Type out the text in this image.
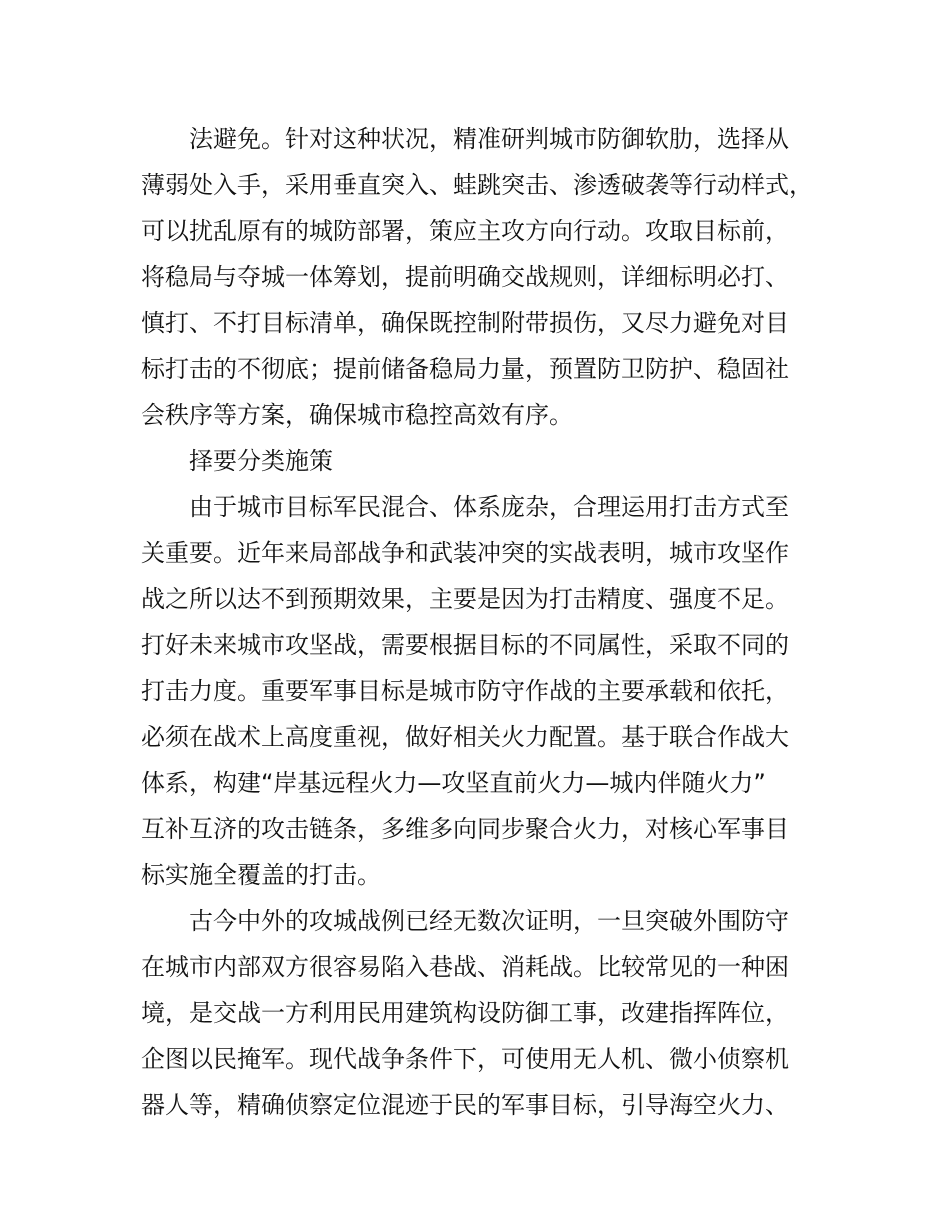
　　法避免。针对这种状况，精准研判城市防御软肋，选择从
薄弱处入手，采用垂直突入、蛙跳突击、渗透破袭等行动样式，
可以扰乱原有的城防部署，策应主攻方向行动。攻取目标前，
将稳局与夺城一体筹划，提前明确交战规则，详细标明必打、
慎打、不打目标清单，确保既控制附带损伤，又尽力避免对目
标打击的不彻底；提前储备稳局力量，预置防卫防护、稳固社
会秩序等方案，确保城市稳控高效有序。
　　择要分类施策
　　由于城市目标军民混合、体系庞杂，合理运用打击方式至
关重要。近年来局部战争和武装冲突的实战表明，城市攻坚作
战之所以达不到预期效果，主要是因为打击精度、强度不足。
打好未来城市攻坚战，需要根据目标的不同属性，采取不同的
打击力度。重要军事目标是城市防守作战的主要承载和依托，
必须在战术上高度重视，做好相关火力配置。基于联合作战大
体系，构建“岸基远程火力—攻坚直前火力—城内伴随火力”
互补互济的攻击链条，多维多向同步聚合火力，对核心军事目
标实施全覆盖的打击。
　　古今中外的攻城战例已经无数次证明，一旦突破外围防守
在城市内部双方很容易陷入巷战、消耗战。比较常见的一种困
境，是交战一方利用民用建筑构设防御工事，改建指挥阵位，
企图以民掩军。现代战争条件下，可使用无人机、微小侦察机
器人等，精确侦察定位混迹于民的军事目标，引导海空火力、
